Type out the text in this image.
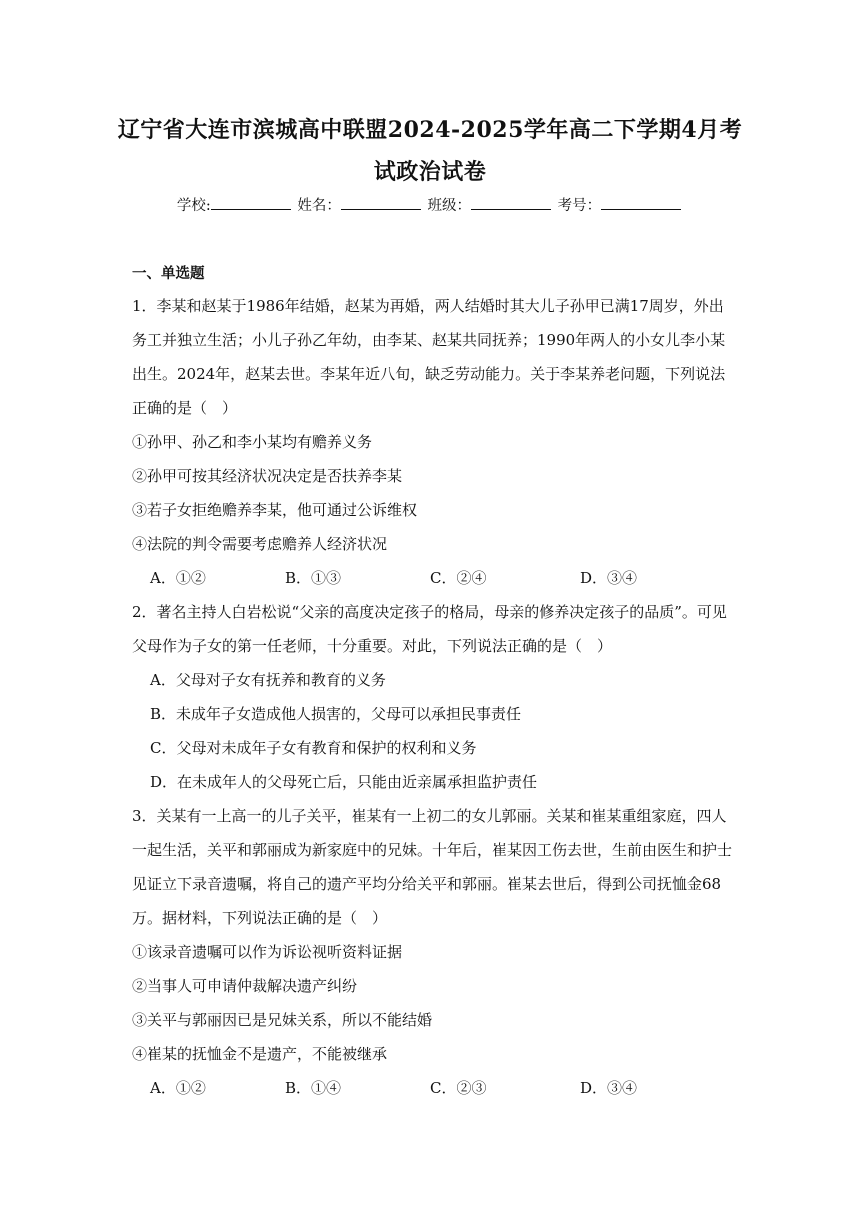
辽宁省大连市滨城高中联盟2024-2025学年高二下学期4月考
试政治试卷
学校:	姓名：	班级：	考号：
一、单选题
1．李某和赵某于1986年结婚，赵某为再婚，两人结婚时其大儿子孙甲已满17周岁，外出
务工并独立生活；小儿子孙乙年幼，由李某、赵某共同抚养；1990年两人的小女儿李小某
出生。2024年，赵某去世。李某年近八旬，缺乏劳动能力。关于李某养老问题，下列说法
正确的是（　）
①孙甲、孙乙和李小某均有赡养义务
②孙甲可按其经济状况决定是否扶养李某
③若子女拒绝赡养李某，他可通过公诉维权
④法院的判令需要考虑赡养人经济状况
A．①②	B．①③	C．②④	D．③④
2．著名主持人白岩松说“父亲的高度决定孩子的格局，母亲的修养决定孩子的品质”。可见
父母作为子女的第一任老师，十分重要。对此，下列说法正确的是（　）
A．父母对子女有抚养和教育的义务
B．未成年子女造成他人损害的，父母可以承担民事责任
C．父母对未成年子女有教育和保护的权利和义务
D．在未成年人的父母死亡后，只能由近亲属承担监护责任
3．关某有一上高一的儿子关平，崔某有一上初二的女儿郭丽。关某和崔某重组家庭，四人
一起生活，关平和郭丽成为新家庭中的兄妹。十年后，崔某因工伤去世，生前由医生和护士
见证立下录音遗嘱，将自己的遗产平均分给关平和郭丽。崔某去世后，得到公司抚恤金68
万。据材料，下列说法正确的是（　）
①该录音遗嘱可以作为诉讼视听资料证据
②当事人可申请仲裁解决遗产纠纷
③关平与郭丽因已是兄妹关系，所以不能结婚
④崔某的抚恤金不是遗产，不能被继承
A．①②	B．①④	C．②③	D．③④
